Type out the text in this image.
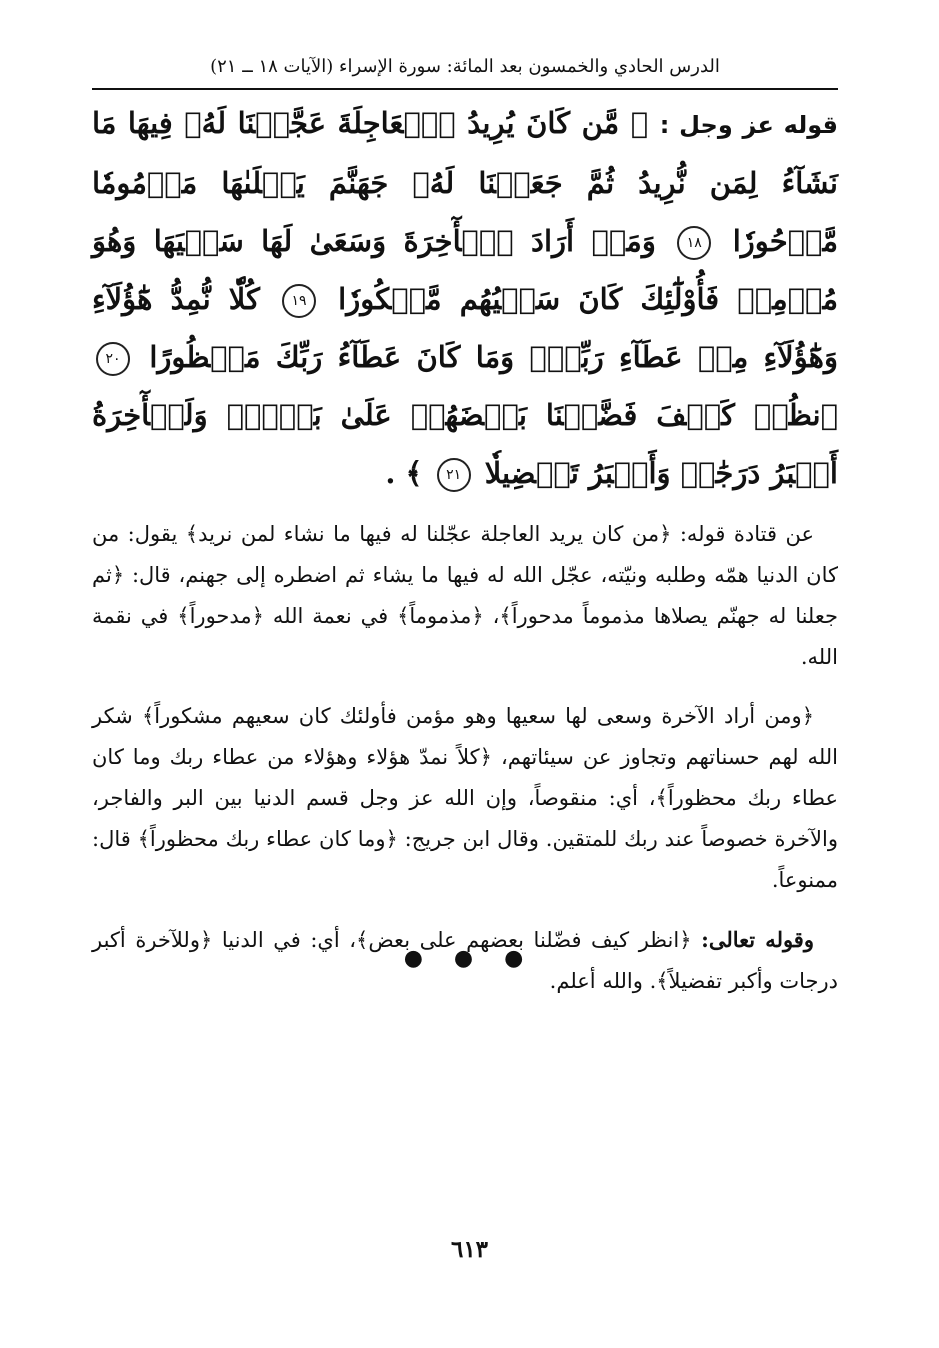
الدرس الحادي والخمسون بعد المائة: سورة الإسراء (الآيات ١٨ ــ ٢١)

قوله عز وجل : ﴿ مَّن كَانَ يُرِيدُ ٱلۡعَاجِلَةَ عَجَّلۡنَا لَهُۥ فِيهَا مَا نَشَآءُ لِمَن نُّرِيدُ ثُمَّ جَعَلۡنَا لَهُۥ جَهَنَّمَ يَصۡلَىٰهَا مَذۡمُومٗا مَّدۡحُورٗا ١٨ وَمَنۡ أَرَادَ ٱلۡأٓخِرَةَ وَسَعَىٰ لَهَا سَعۡيَهَا وَهُوَ مُؤۡمِنٞ فَأُوْلَٰٓئِكَ كَانَ سَعۡيُهُم مَّشۡكُورٗا ١٩ كُلّٗا نُّمِدُّ هَٰٓؤُلَآءِ وَهَٰٓؤُلَآءِ مِنۡ عَطَآءِ رَبِّكَۚ وَمَا كَانَ عَطَآءُ رَبِّكَ مَحۡظُورًا ٢٠ ٱنظُرۡ كَيۡفَ فَضَّلۡنَا بَعۡضَهُمۡ عَلَىٰ بَعۡضٖۚ وَلَلۡأٓخِرَةُ أَكۡبَرُ دَرَجَٰتٖ وَأَكۡبَرُ تَفۡضِيلٗا ٢١ ﴾ .

عن قتادة قوله: ﴿من كان يريد العاجلة عجّلنا له فيها ما نشاء لمن نريد﴾ يقول: من كان الدنيا همّه وطلبه ونيّته، عجّل الله له فيها ما يشاء ثم اضطره إلى جهنم، قال: ﴿ثم جعلنا له جهنّم يصلاها مذموماً مدحوراً﴾، ﴿مذموماً﴾ في نعمة الله ﴿مدحوراً﴾ في نقمة الله.

﴿ومن أراد الآخرة وسعى لها سعيها وهو مؤمن فأولئك كان سعيهم مشكوراً﴾ شكر الله لهم حسناتهم وتجاوز عن سيئاتهم، ﴿كلاً نمدّ هؤلاء وهؤلاء من عطاء ربك وما كان عطاء ربك محظوراً﴾، أي: منقوصاً، وإن الله عز وجل قسم الدنيا بين البر والفاجر، والآخرة خصوصاً عند ربك للمتقين. وقال ابن جريج: ﴿وما كان عطاء ربك محظوراً﴾ قال: ممنوعاً.

وقوله تعالى: ﴿انظر كيف فضّلنا بعضهم على بعض﴾، أي: في الدنيا ﴿وللآخرة أكبر درجات وأكبر تفضيلاً﴾. والله أعلم.

● ● ●
٦١٣
